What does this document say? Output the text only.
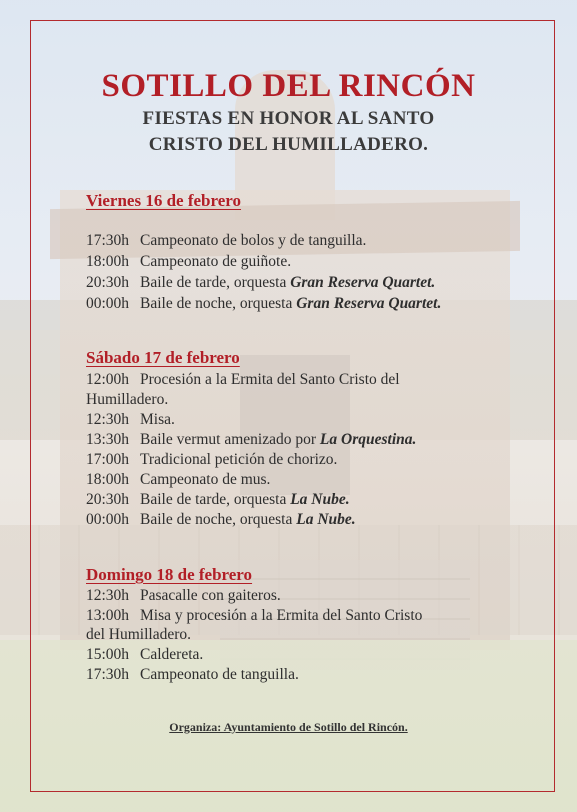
SOTILLO DEL RINCÓN
FIESTAS EN HONOR AL SANTO
CRISTO DEL HUMILLADERO.
Viernes 16 de febrero
17:30h Campeonato de bolos y de tanguilla.
18:00h Campeonato de guiñote.
20:30h Baile de tarde, orquesta Gran Reserva Quartet.
00:00h Baile de noche, orquesta Gran Reserva Quartet.
Sábado 17 de febrero
12:00h Procesión a la Ermita del Santo Cristo del
Humilladero.
12:30h Misa.
13:30h Baile vermut amenizado por La Orquestina.
17:00h Tradicional petición de chorizo.
18:00h Campeonato de mus.
20:30h Baile de tarde, orquesta La Nube.
00:00h Baile de noche, orquesta La Nube.
Domingo 18 de febrero
12:30h Pasacalle con gaiteros.
13:00h Misa y procesión a la Ermita del Santo Cristo
del Humilladero.
15:00h Caldereta.
17:30h Campeonato de tanguilla.
Organiza: Ayuntamiento de Sotillo del Rincón.
